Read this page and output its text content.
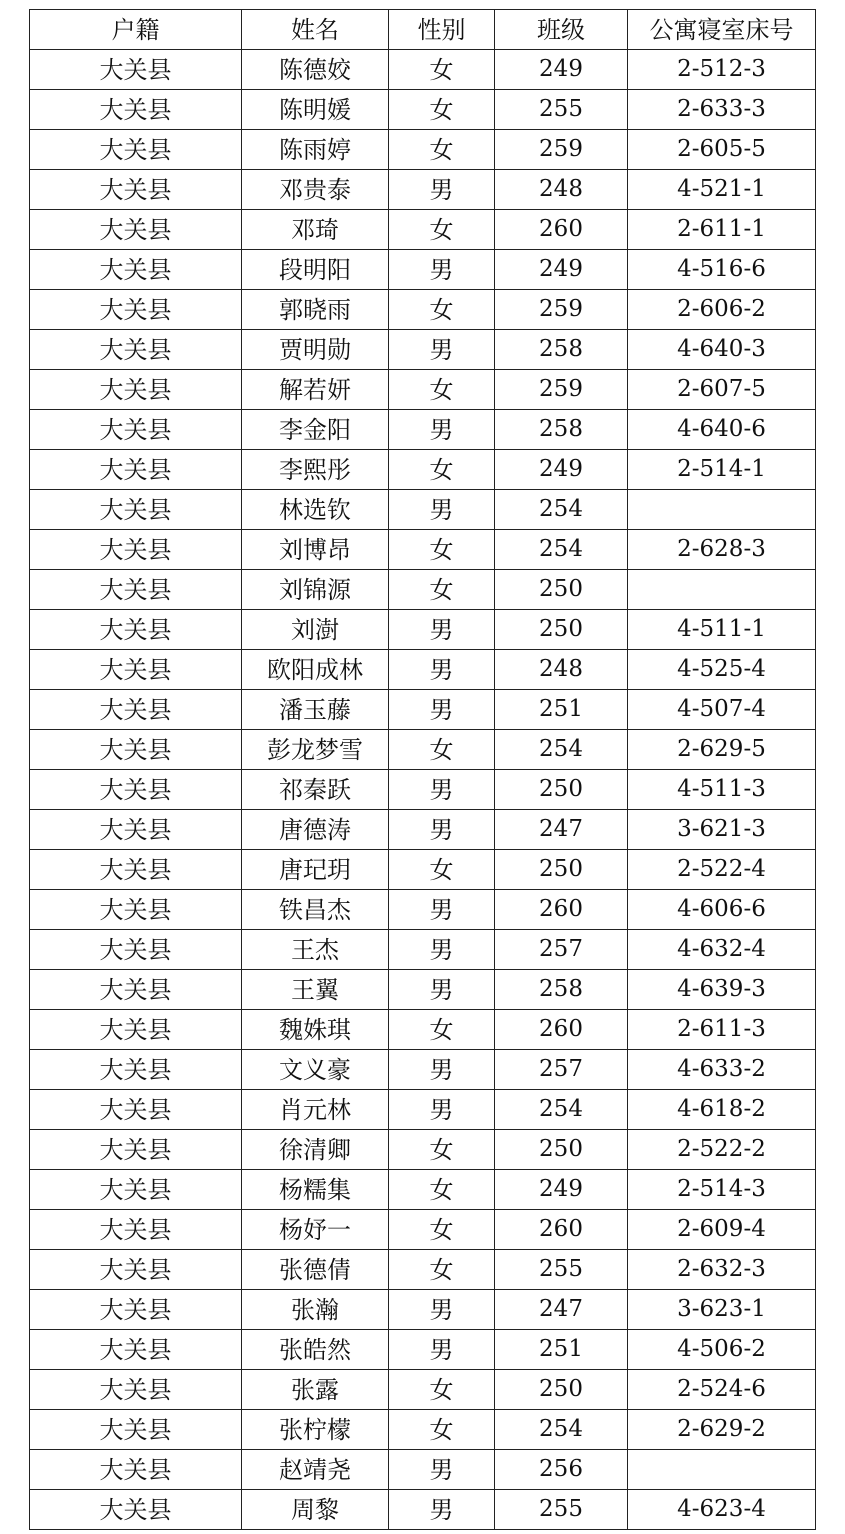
户籍	姓名	性别	班级	公寓寝室床号
大关县	陈德姣	女	249	2-512-3
大关县	陈明媛	女	255	2-633-3
大关县	陈雨婷	女	259	2-605-5
大关县	邓贵泰	男	248	4-521-1
大关县	邓琦	女	260	2-611-1
大关县	段明阳	男	249	4-516-6
大关县	郭晓雨	女	259	2-606-2
大关县	贾明勋	男	258	4-640-3
大关县	解若妍	女	259	2-607-5
大关县	李金阳	男	258	4-640-6
大关县	李熙彤	女	249	2-514-1
大关县	林选钦	男	254	
大关县	刘博昂	女	254	2-628-3
大关县	刘锦源	女	250	
大关县	刘澍	男	250	4-511-1
大关县	欧阳成林	男	248	4-525-4
大关县	潘玉藤	男	251	4-507-4
大关县	彭龙梦雪	女	254	2-629-5
大关县	祁秦跃	男	250	4-511-3
大关县	唐德涛	男	247	3-621-3
大关县	唐玘玥	女	250	2-522-4
大关县	铁昌杰	男	260	4-606-6
大关县	王杰	男	257	4-632-4
大关县	王翼	男	258	4-639-3
大关县	魏姝琪	女	260	2-611-3
大关县	文义豪	男	257	4-633-2
大关县	肖元林	男	254	4-618-2
大关县	徐清卿	女	250	2-522-2
大关县	杨糯集	女	249	2-514-3
大关县	杨妤一	女	260	2-609-4
大关县	张德倩	女	255	2-632-3
大关县	张瀚	男	247	3-623-1
大关县	张皓然	男	251	4-506-2
大关县	张露	女	250	2-524-6
大关县	张柠檬	女	254	2-629-2
大关县	赵靖尧	男	256	
大关县	周黎	男	255	4-623-4
